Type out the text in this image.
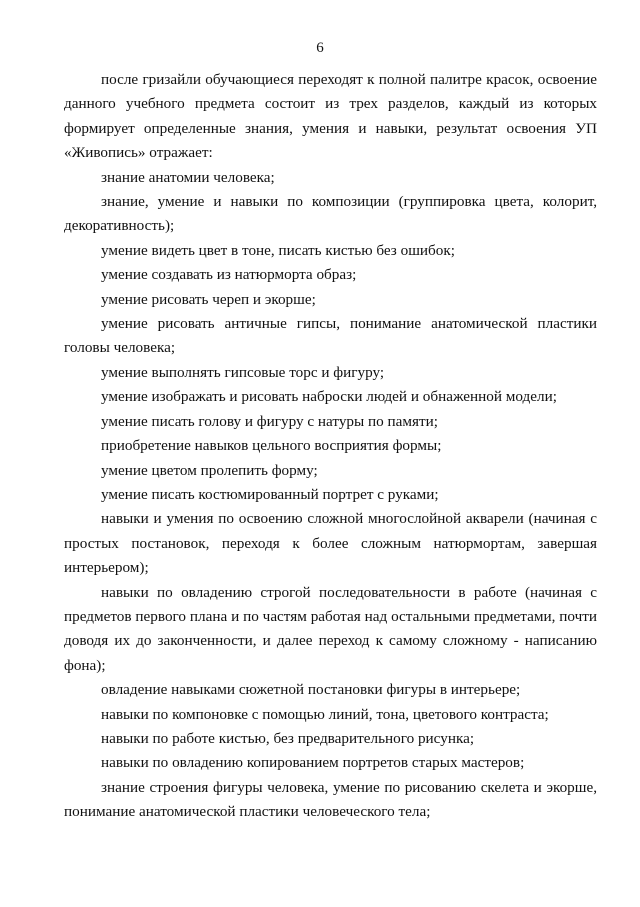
6

после гризайли обучающиеся переходят к полной палитре красок, освоение данного учебного предмета состоит из трех разделов, каждый из которых формирует определенные знания, умения и навыки, результат освоения УП «Живопись» отражает:

знание анатомии человека;

знание, умение и навыки по композиции (группировка цвета, колорит, декоративность);

умение видеть цвет в тоне, писать кистью без ошибок;

умение создавать из натюрморта образ;

умение рисовать череп и экорше;

умение рисовать античные гипсы, понимание анатомической пластики головы человека;

умение выполнять гипсовые торс и фигуру;

умение изображать и рисовать наброски людей и обнаженной модели;

умение писать голову и фигуру с натуры по памяти;

приобретение навыков цельного восприятия формы;

умение цветом пролепить форму;

умение писать костюмированный портрет с руками;

навыки и умения по освоению сложной многослойной акварели (начиная с простых постановок, переходя к более сложным натюрмортам, завершая интерьером);

навыки по овладению строгой последовательности в работе (начиная с предметов первого плана и по частям работая над остальными предметами, почти доводя их до законченности, и далее переход к самому сложному - написанию фона);

овладение навыками сюжетной постановки фигуры в интерьере;

навыки по компоновке с помощью линий, тона, цветового контраста;

навыки по работе кистью, без предварительного рисунка;

навыки по овладению копированием портретов старых мастеров;

знание строения фигуры человека, умение по рисованию скелета и экорше, понимание анатомической пластики человеческого тела;
